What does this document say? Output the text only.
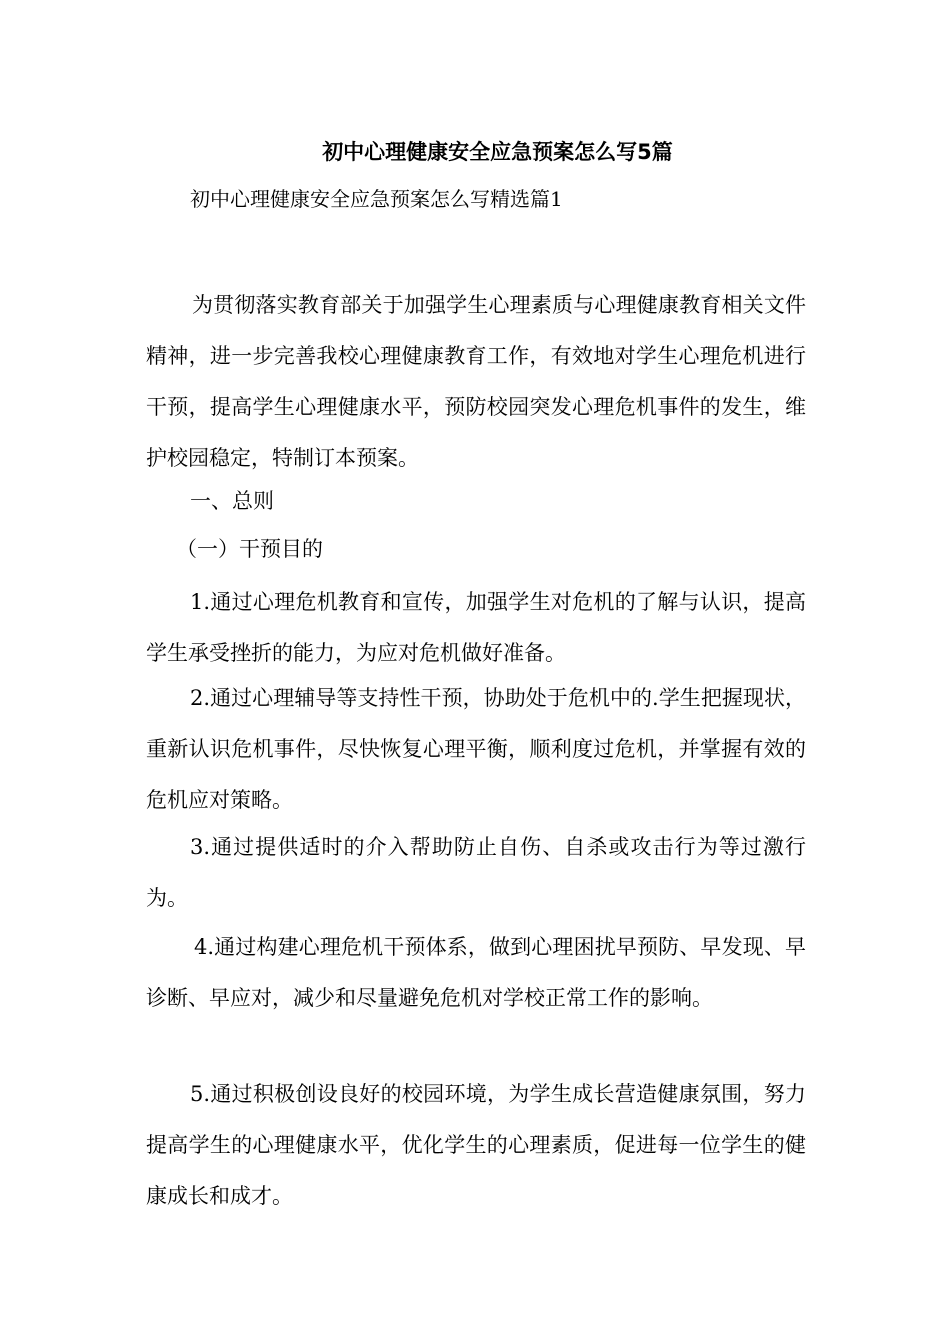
初中心理健康安全应急预案怎么写5篇
初中心理健康安全应急预案怎么写精选篇1

为贯彻落实教育部关于加强学生心理素质与心理健康教育相关文件精神，进一步完善我校心理健康教育工作，有效地对学生心理危机进行干预，提高学生心理健康水平，预防校园突发心理危机事件的发生，维护校园稳定，特制订本预案。

一、总则

（一）干预目的

1.通过心理危机教育和宣传，加强学生对危机的了解与认识，提高学生承受挫折的能力，为应对危机做好准备。

2.通过心理辅导等支持性干预，协助处于危机中的.学生把握现状，重新认识危机事件，尽快恢复心理平衡，顺利度过危机，并掌握有效的危机应对策略。

3.通过提供适时的介入帮助防止自伤、自杀或攻击行为等过激行为。

4.通过构建心理危机干预体系，做到心理困扰早预防、早发现、早诊断、早应对，减少和尽量避免危机对学校正常工作的影响。

5.通过积极创设良好的校园环境，为学生成长营造健康氛围，努力提高学生的心理健康水平，优化学生的心理素质，促进每一位学生的健康成长和成才。
